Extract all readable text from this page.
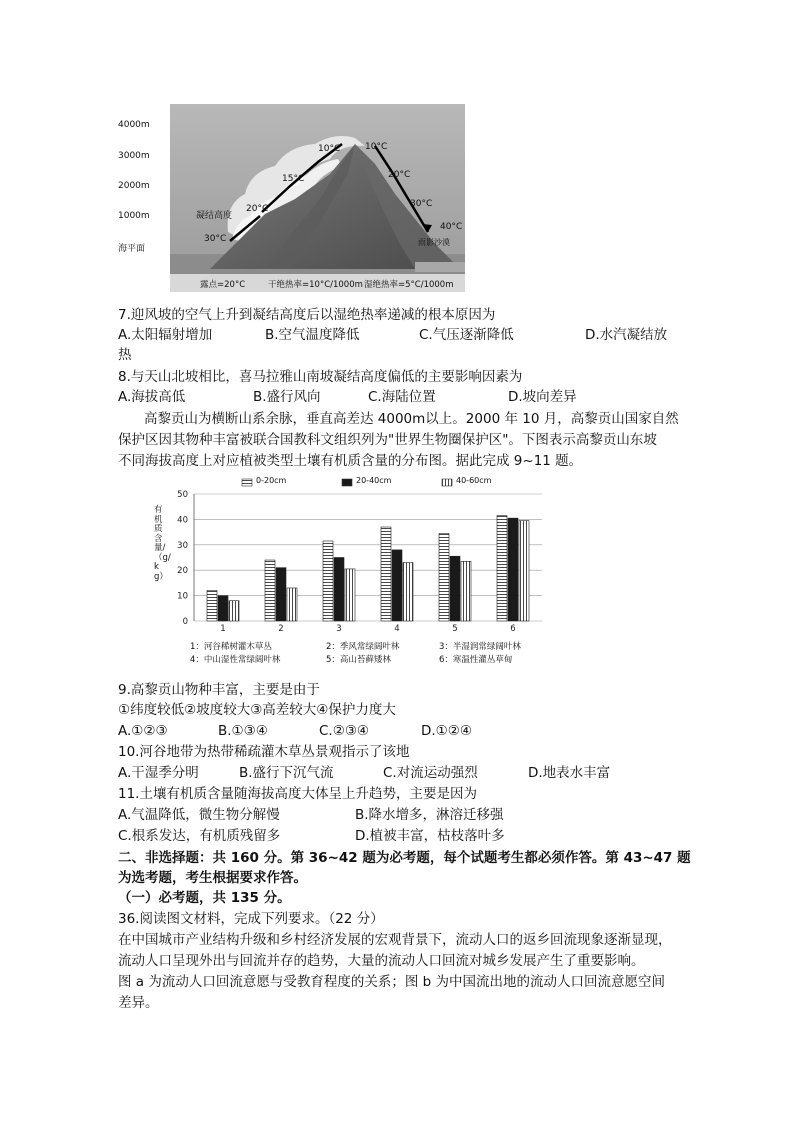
4000m
3000m
2000m
1000m
海平面
10°C	10°C
15°C	20°C
20°C
30°C
30°C
40°C
凝结高度
雨影沙漠
露点=20°C	干绝热率=10°C/1000m 湿绝热率=5°C/1000m
7.迎风坡的空气上升到凝结高度后以湿绝热率递减的根本原因为
A.太阳辐射增加	B.空气温度降低	C.气压逐渐降低	D.水汽凝结放
热
8.与天山北坡相比，喜马拉雅山南坡凝结高度偏低的主要影响因素为
A.海拔高低	B.盛行风向	C.海陆位置	D.坡向差异
高黎贡山为横断山系余脉，垂直高差达 4000m以上。2000 年 10 月，高黎贡山国家自然
保护区因其物种丰富被联合国教科文组织列为"世界生物圈保护区"。下图表示高黎贡山东坡
不同海拔高度上对应植被类型土壤有机质含量的分布图。据此完成 9~11 题。
0
10
20
30
40
50
1	2	3	4	5	6
0-20cm	20-40cm	40-60cm
有机质含量/（g/kg）
1：河谷稀树灌木草丛	2：季风常绿阔叶林	3：半湿润常绿阔叶林
4：中山湿性常绿阔叶林	5：高山苔藓矮林	6：寒温性灌丛草甸
9.高黎贡山物种丰富，主要是由于
①纬度较低②坡度较大③高差较大④保护力度大
A.①②③	B.①③④	C.②③④	D.①②④
10.河谷地带为热带稀疏灌木草丛景观指示了该地
A.干湿季分明	B.盛行下沉气流	C.对流运动强烈	D.地表水丰富
11.土壤有机质含量随海拔高度大体呈上升趋势，主要是因为
A.气温降低，微生物分解慢	B.降水增多，淋溶迁移强
C.根系发达，有机质残留多	D.植被丰富，枯枝落叶多
二、非选择题：共 160 分。第 36~42 题为必考题，每个试题考生都必须作答。第 43~47 题
为选考题，考生根据要求作答。
（一）必考题，共 135 分。
36.阅读图文材料，完成下列要求。（22 分）
在中国城市产业结构升级和乡村经济发展的宏观背景下，流动人口的返乡回流现象逐渐显现，
流动人口呈现外出与回流并存的趋势，大量的流动人口回流对城乡发展产生了重要影响。
图 a 为流动人口回流意愿与受教育程度的关系；图 b 为中国流出地的流动人口回流意愿空间
差异。
